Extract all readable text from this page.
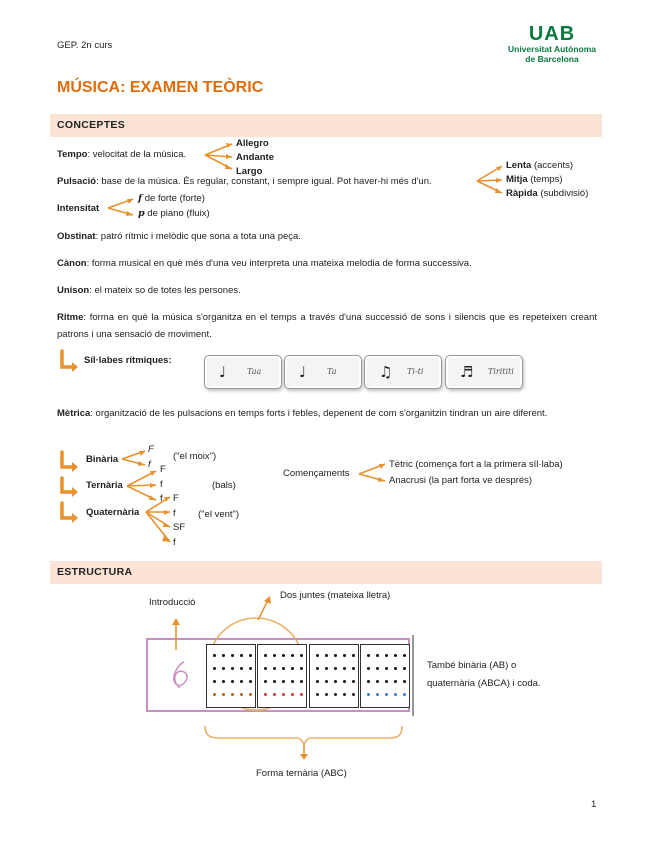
GEP. 2n curs
UAB
Universitat Autònoma
de Barcelona
MÚSICA: EXAMEN TEÒRIC
CONCEPTES
Tempo: velocitat de la música.
Allegro
Andante
Largo
Pulsació: base de la música. És regular, constant, i sempre igual. Pot haver-hi més d'un.
Lenta (accents)
Mitja (temps)
Ràpida (subdivisió)
Intensitat
f de forte (forte)
p de piano (fluix)
Obstinat: patró rítmic i melòdic que sona a tota una peça.
Cànon: forma musical en què més d'una veu interpreta una mateixa melodia de forma successiva.
Uníson: el mateix so de totes les persones.
Ritme: forma en què la música s'organitza en el temps a través d'una successió de sons i silencis que es repeteixen creant patrons i una sensació de moviment.
Síl·labes rítmiques:
♩	Taa	♩	Ta	♫ Ti-ti ♬ Tirititi
Mètrica: organització de les pulsacions en temps forts i febles, depenent de com s'organitzin tindran un aire diferent.
Binària
F
f
("el moix")
Ternària
F
f
f
(bals)
Quaternària
F
f
SF
f
("el vent")
Començaments
Tètric (comença fort a la primera síl·laba)
Anacrusi (la part forta ve després)
ESTRUCTURA
Introducció
Dos juntes (mateixa lletra)
També binària (AB) o
quaternària (ABCA) i coda.
Forma ternària (ABC)
1
